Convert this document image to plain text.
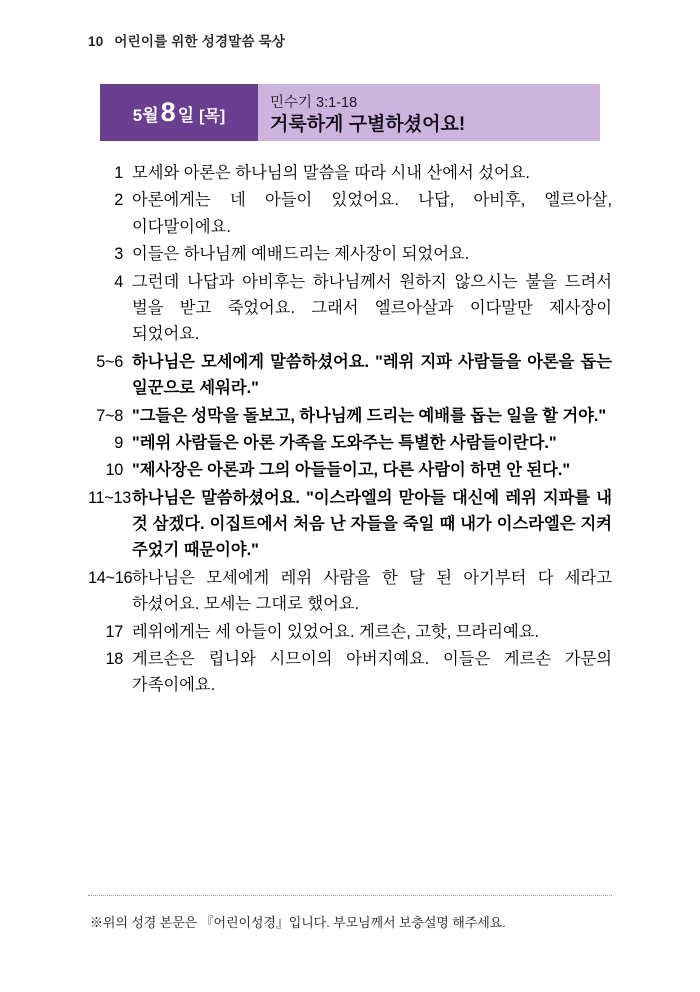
10 어린이를 위한 성경말씀 묵상
5월 8 일 [목]
민수기 3:1-18
거룩하게 구별하셨어요!
1 모세와 아론은 하나님의 말씀을 따라 시내 산에서 섰어요.
2 아론에게는 네 아들이 있었어요. 나답, 아비후, 엘르아살, 이다말이에요.
3 이들은 하나님께 예배드리는 제사장이 되었어요.
4 그런데 나답과 아비후는 하나님께서 원하지 않으시는 불을 드려서 벌을 받고 죽었어요. 그래서 엘르아살과 이다말만 제사장이 되었어요.
5~6 하나님은 모세에게 말씀하셨어요. "레위 지파 사람들을 아론을 돕는 일꾼으로 세워라."
7~8 "그들은 성막을 돌보고, 하나님께 드리는 예배를 돕는 일을 할 거야."
9 "레위 사람들은 아론 가족을 도와주는 특별한 사람들이란다."
10 "제사장은 아론과 그의 아들들이고, 다른 사람이 하면 안 된다."
11~13 하나님은 말씀하셨어요. "이스라엘의 맏아들 대신에 레위 지파를 내 것 삼겠다. 이집트에서 처음 난 자들을 죽일 때 내가 이스라엘은 지켜 주었기 때문이야."
14~16 하나님은 모세에게 레위 사람을 한 달 된 아기부터 다 세라고 하셨어요. 모세는 그대로 했어요.
17 레위에게는 세 아들이 있었어요. 게르손, 고핫, 므라리예요.
18 게르손은 립니와 시므이의 아버지예요. 이들은 게르손 가문의 가족이에요.
※위의 성경 본문은 『어린이성경』입니다. 부모님께서 보충설명 해주세요.
